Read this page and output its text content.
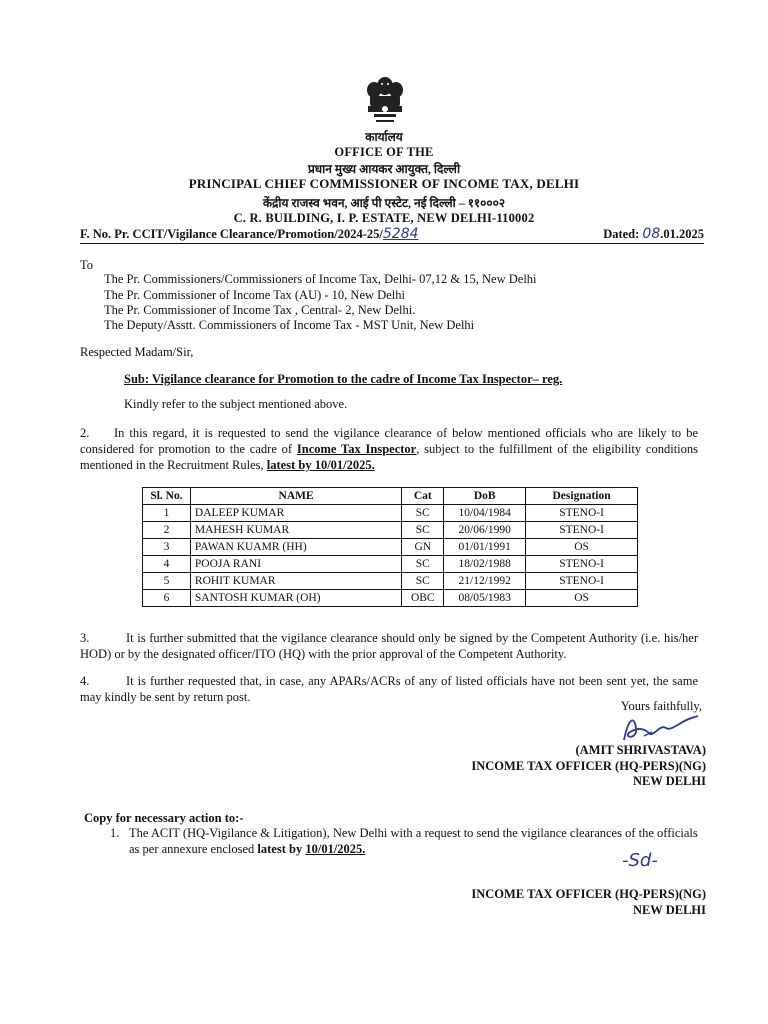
कार्यालय
OFFICE OF THE
प्रधान मुख्य आयकर आयुक्त, दिल्ली
PRINCIPAL CHIEF COMMISSIONER OF INCOME TAX, DELHI
केंद्रीय राजस्व भवन, आई पी एस्टेट, नई दिल्ली – ११०००२
C. R. BUILDING, I. P. ESTATE, NEW DELHI-110002
F. No. Pr. CCIT/Vigilance Clearance/Promotion/2024-25/5284	Dated: 08.01.2025
To
The Pr. Commissioners/Commissioners of Income Tax, Delhi- 07,12 & 15, New Delhi
The Pr. Commissioner of Income Tax (AU) - 10, New Delhi
The Pr. Commissioner of Income Tax , Central- 2, New Delhi.
The Deputy/Asstt. Commissioners of Income Tax - MST Unit, New Delhi
Respected Madam/Sir,
Sub: Vigilance clearance for Promotion to the cadre of Income Tax Inspector– reg.
Kindly refer to the subject mentioned above.
2.	In this regard, it is requested to send the vigilance clearance of below mentioned officials who are likely to be considered for promotion to the cadre of Income Tax Inspector, subject to the fulfillment of the eligibility conditions mentioned in the Recruitment Rules, latest by 10/01/2025.
Sl. No.	NAME	Cat	DoB	Designation
1	DALEEP KUMAR	SC	10/04/1984	STENO-I
2	MAHESH KUMAR	SC	20/06/1990	STENO-I
3	PAWAN KUAMR (HH)	GN	01/01/1991	OS
4	POOJA RANI	SC	18/02/1988	STENO-I
5	ROHIT KUMAR	SC	21/12/1992	STENO-I
6	SANTOSH KUMAR (OH)	OBC	08/05/1983	OS
3.	It is further submitted that the vigilance clearance should only be signed by the Competent Authority (i.e. his/her HOD) or by the designated officer/ITO (HQ) with the prior approval of the Competent Authority.
4.	It is further requested that, in case, any APARs/ACRs of any of listed officials have not been sent yet, the same may kindly be sent by return post.
Yours faithfully,
(AMIT SHRIVASTAVA)
INCOME TAX OFFICER (HQ-PERS)(NG)
NEW DELHI
Copy for necessary action to:-
1. The ACIT (HQ-Vigilance & Litigation), New Delhi with a request to send the vigilance clearances of the officials as per annexure enclosed latest by 10/01/2025.
-Sd-
INCOME TAX OFFICER (HQ-PERS)(NG)
NEW DELHI
